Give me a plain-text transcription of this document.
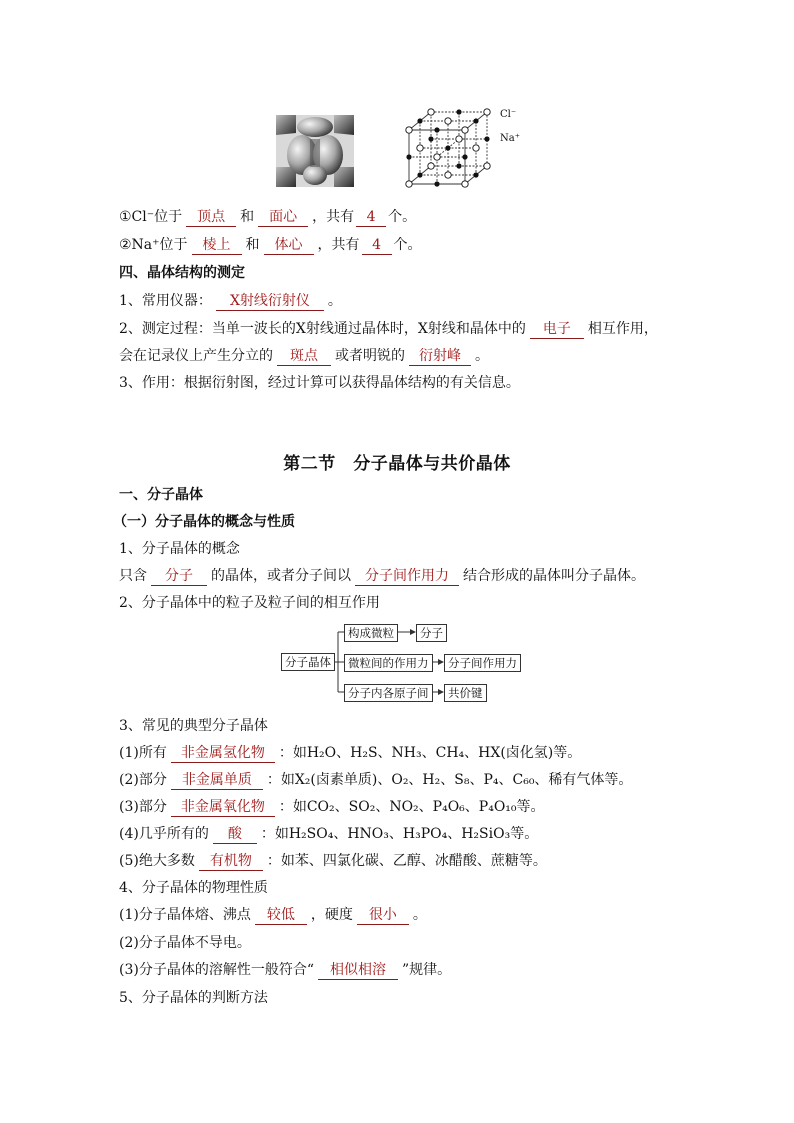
Cl⁻
Na⁺
①Cl⁻位于 顶点 和 面心 ，共有 4 个。
②Na⁺位于 棱上 和 体心 ，共有 4 个。
四、晶体结构的测定
1、常用仪器： X射线衍射仪 。
2、测定过程：当单一波长的X射线通过晶体时，X射线和晶体中的 电子 相互作用，
会在记录仪上产生分立的 斑点 或者明锐的 衍射峰 。
3、作用：根据衍射图，经过计算可以获得晶体结构的有关信息。
第二节　分子晶体与共价晶体
一、分子晶体
（一）分子晶体的概念与性质
1、分子晶体的概念
只含 分子 的晶体，或者分子间以 分子间作用力 结合形成的晶体叫分子晶体。
2、分子晶体中的粒子及粒子间的相互作用
分子晶体
构成微粒	分子
微粒间的作用力	分子间作用力
分子内各原子间	共价键
3、常见的典型分子晶体
(1)所有 非金属氢化物 ：如H₂O、H₂S、NH₃、CH₄、HX(卤化氢)等。
(2)部分 非金属单质 ：如X₂(卤素单质)、O₂、H₂、S₈、P₄、C₆₀、稀有气体等。
(3)部分 非金属氧化物 ：如CO₂、SO₂、NO₂、P₄O₆、P₄O₁₀等。
(4)几乎所有的 酸 ：如H₂SO₄、HNO₃、H₃PO₄、H₂SiO₃等。
(5)绝大多数 有机物 ：如苯、四氯化碳、乙醇、冰醋酸、蔗糖等。
4、分子晶体的物理性质
(1)分子晶体熔、沸点 较低 ，硬度 很小 。
(2)分子晶体不导电。
(3)分子晶体的溶解性一般符合“ 相似相溶 ”规律。
5、分子晶体的判断方法
